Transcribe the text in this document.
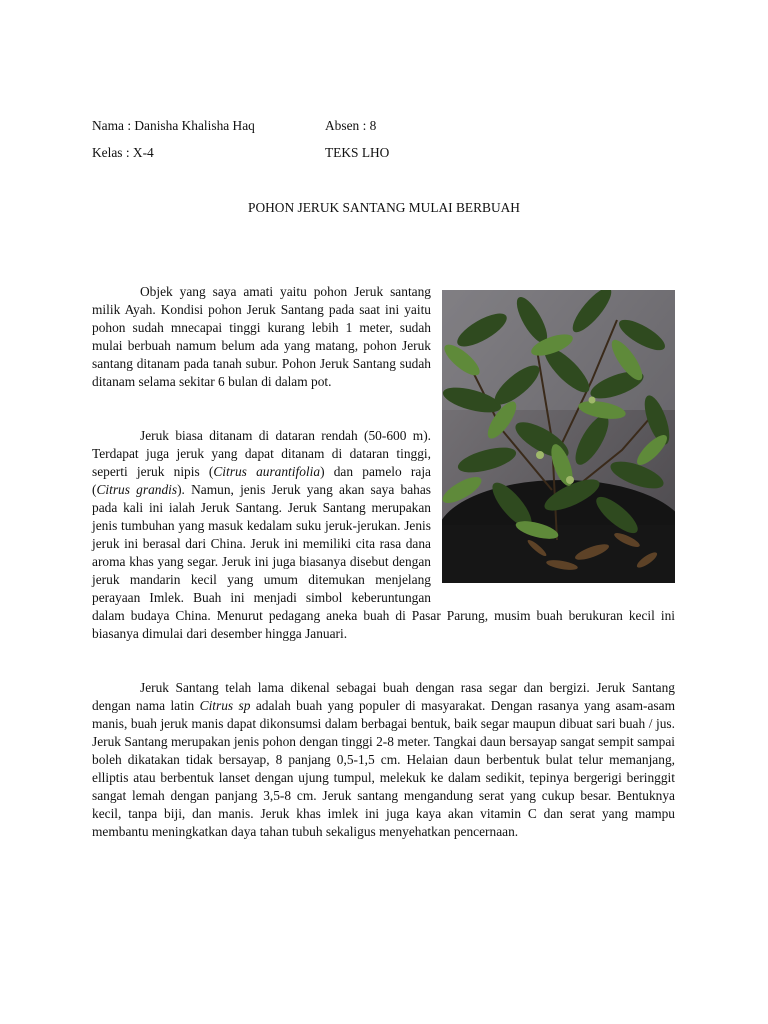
Nama : Danisha Khalisha Haq	Absen : 8
Kelas : X-4	TEKS LHO
POHON JERUK SANTANG MULAI BERBUAH

Objek yang saya amati yaitu pohon Jeruk santang milik Ayah. Kondisi pohon Jeruk Santang pada saat ini yaitu pohon sudah mnecapai tinggi kurang lebih 1 meter, sudah mulai berbuah namum belum ada yang matang, pohon Jeruk santang ditanam pada tanah subur. Pohon Jeruk Santang sudah ditanam selama sekitar 6 bulan di dalam pot.

Jeruk biasa ditanam di dataran rendah (50-600 m). Terdapat juga jeruk yang dapat ditanam di dataran tinggi, seperti jeruk nipis (Citrus aurantifolia) dan pamelo raja (Citrus grandis). Namun, jenis Jeruk yang akan saya bahas pada kali ini ialah Jeruk Santang. Jeruk Santang merupakan jenis tumbuhan yang masuk kedalam suku jeruk-jerukan. Jenis jeruk ini berasal dari China. Jeruk ini memiliki cita rasa dana aroma khas yang segar. Jeruk ini juga biasanya disebut dengan jeruk mandarin kecil yang umum ditemukan menjelang perayaan Imlek. Buah ini menjadi simbol keberuntungan dalam budaya China. Menurut pedagang aneka buah di Pasar Parung, musim buah berukuran kecil ini biasanya dimulai dari desember hingga Januari.

Jeruk Santang telah lama dikenal sebagai buah dengan rasa segar dan bergizi. Jeruk Santang dengan nama latin Citrus sp adalah buah yang populer di masyarakat. Dengan rasanya yang asam-asam manis, buah jeruk manis dapat dikonsumsi dalam berbagai bentuk, baik segar maupun dibuat sari buah / jus. Jeruk Santang merupakan jenis pohon dengan tinggi 2-8 meter. Tangkai daun bersayap sangat sempit sampai boleh dikatakan tidak bersayap, 8 panjang 0,5-1,5 cm. Helaian daun berbentuk bulat telur memanjang, elliptis atau berbentuk lanset dengan ujung tumpul, melekuk ke dalam sedikit, tepinya bergerigi beringgit sangat lemah dengan panjang 3,5-8 cm. Jeruk santang mengandung serat yang cukup besar. Bentuknya kecil, tanpa biji, dan manis. Jeruk khas imlek ini juga kaya akan vitamin C dan serat yang mampu membantu meningkatkan daya tahan tubuh sekaligus menyehatkan pencernaan.
